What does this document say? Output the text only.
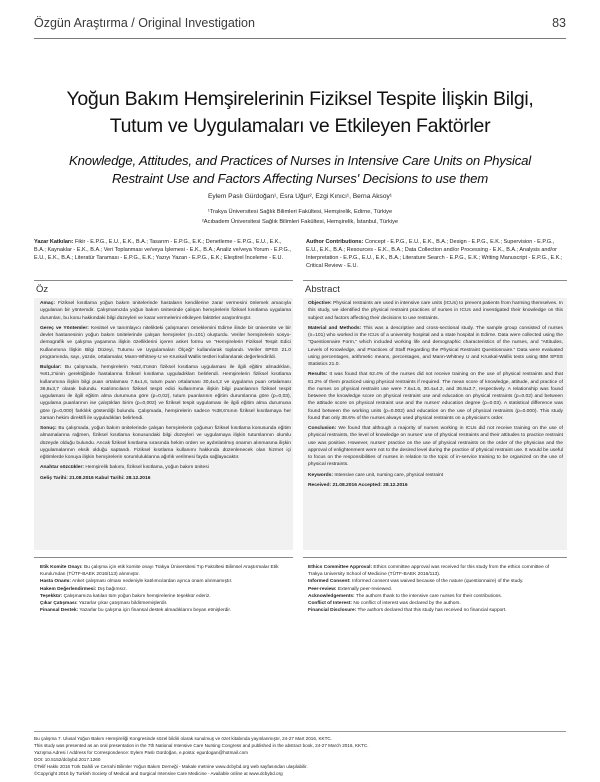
Özgün Araştırma / Original Investigation	83
Yoğun Bakım Hemşirelerinin Fiziksel Tespite İlişkin Bilgi,
Tutum ve Uygulamaları ve Etkileyen Faktörler
Knowledge, Attitudes, and Practices of Nurses in Intensive Care Units on Physical
Restraint Use and Factors Affecting Nurses' Decisions to use them
Eylem Paslı Gürdoğan¹, Esra Uğur², Ezgi Kınıcı¹, Berna Aksoy¹
¹Trakya Üniversitesi Sağlık Bilimleri Fakültesi, Hemşirelik, Edirne, Türkiye
²Acıbadem Üniversitesi Sağlık Bilimleri Fakültesi, Hemşirelik, İstanbul, Türkiye
Yazar Katkıları: Fikir - E.P.G., E.U., E.K., B.A.; Tasarım - E.P.G., E.K.; Denetleme - E.P.G., E.U., E.K., B.A.; Kaynaklar - E.K., B.A.; Veri Toplanması ve/veya İşlemesi - E.K., B.A.; Analiz ve/veya Yorum - E.P.G., E.U., E.K., B.A.; Literatür Taraması - E.P.G., E.K.; Yazıyı Yazan - E.P.G., E.K.; Eleştirel İnceleme - E.U.
Author Contributions: Concept - E.P.G., E.U., E.K., B.A.; Design - E.P.G., E.K.; Supervision - E.P.G., E.U., E.K., B.A.; Resources - E.K., B.A.; Data Collection and/or Processing - E.K., B.A.; Analysis and/or Interpretation - E.P.G., E.U., E.K., B.A.; Literature Search - E.P.G., E.K.; Writing Manuscript - E.P.G., E.K.; Critical Review - E.U.
Öz	Abstract

Amaç: Fiziksel kısıtlama yoğun bakım ünitelerinde hastaların kendilerine zarar vermesini önlemek amacıyla uygulanan bir yöntemdir. Çalışmamızda yoğun bakım ünitesinde çalışan hemşirelerin fiziksel kısıtlama uygulama durumları, bu konu hakkındaki bilgi düzeyleri ve karar vermelerini etkileyen faktörler araştırılmıştır.

Gereç ve Yöntemler: Kesitsel ve tanımlayıcı nitelikteki çalışmanın örneklemini Edirne ilinde bir üniversite ve bir devlet hastanesinin yoğun bakım ünitelerinde çalışan hemşireler (n=101) oluşturdu. Veriler hemşirelerin sosyo-demografik ve çalışma yaşamına ilişkin özelliklerini içeren anket formu ve "Hemşirelerin Fiziksel Tespit Edici Kullanımına İlişkin Bilgi Düzeyi, Tutumu ve Uygulamaları Ölçeği" kullanılarak toplandı. Veriler SPSS 21.0 programında, sayı, yüzde, ortalamalar, Mann-Whitney-U ve Kruskall Wallis testleri kullanılarak değerlendirildi.

Bulgular: Bu çalışmada, hemşirelerin %62,4'ünün fiziksel kısıtlama uygulaması ile ilgili eğitim almadıkları, %81,2'sinin gerektiğinde hastalarına fiziksel kısıtlama uyguladıkları belirlendi. Hemşirelerin fiziksel kısıtlama kullanımına ilişkin bilgi puan ortalaması 7,6±1,6, tutum puan ortalaması 30,4±4,2 ve uygulama puan ortalaması 36,8±3,7 olarak bulundu. Katılımcıların fiziksel tespit edici kullanımına ilişkin bilgi puanlarının fiziksel tespit uygulaması ile ilgili eğitim alma durumuna göre (p=0,02), tutum puanlarının eğitim durumlarına göre (p=0,03), uygulama puanlarının ise çalıştıkları birim (p=0,002) ve fiziksel tespit uygulaması ile ilgili eğitim alma durumuna göre (p=0,000) farklılık gösterdiği bulundu. Çalışmada, hemşirelerin sadece %38,6'sının fiziksel kısıtlamaya her zaman hekim direktifi ile uyguladıkları belirlendi.

Sonuç: Bu çalışmada, yoğun bakım ünitelerinde çalışan hemşirelerin çoğunun fiziksel kısıtlama konusunda eğitim almamalarına rağmen, fiziksel kısıtlama konusundaki bilgi düzeyleri ve uygulamaya ilişkin tutumlarının olumlu düzeyde olduğu bulundu. Ancak fiziksel kısıtlama sırasında hekim orderı ve aydınlatılmış onamın alınmasına ilişkin uygulamalarının eksik olduğu saptandı. Fiziksel kısıtlama kullanımı hakkında düzenlenecek olan hizmet içi eğitimlerde konuya ilişkin hemşirelerin sorumluluklarına ağırlık verilmesi fayda sağlayacaktır.

Anahtar sözcükler: Hemşirelik bakımı, fiziksel kısıtlama, yoğun bakım ünitesi

Geliş Tarihi: 21.08.2016 Kabul Tarihi: 28.12.2016

Objective: Physical restraints are used in intensive care units (ICUs) to prevent patients from harming themselves. In this study, we identified the physical restraint practices of nurses in ICUs and investigated their knowledge on this subject and factors affecting their decisions to use restraints.

Material and Methods: This was a descriptive and cross-sectional study. The sample group consisted of nurses (n=101) who worked in the ICUs of a university hospital and a state hospital in Edirne. Data were collected using the "Questionnaire Form," which included working life and demographic characteristics of the nurses, and "Attitudes, Levels of Knowledge, and Practices of Staff Regarding the Physical Restraint Questionnaire." Data were evaluated using percentages, arithmetic means, percentages, and Mann-Whitney U and Kruskal-Wallis tests using IBM SPSS Statistics 21.0.

Results: It was found that 62.4% of the nurses did not receive training on the use of physical restraints and that 81.2% of them practiced using physical restraints if required. The mean score of knowledge, attitude, and practice of the nurses on physical restraint use were 7.6±1.6, 30.4±4.2, and 36.8±3.7, respectively. A relationship was found between the knowledge score on physical restraint use and education on physical restraints (p=0.02) and between the attitude score on physical restraint use and the nurses' education degree (p=0.03). A statistical difference was found between the working units (p=0.002) and education on the use of physical restraints (p=0.000). This study found that only 38.6% of the nurses always used physical restraints on a physician's order.

Conclusion: We found that although a majority of nurses working in ICUs did not receive training on the use of physical restraints, the level of knowledge on nurses' use of physical restraints and their attitudes to practice restraint use was positive. However, nurses' practice on the use of physical restraints on the order of the physician and the approval of enlightenment were not to the desired level during the practice of physical restraint use. It would be useful to focus on the responsibilities of nurses in relation to the topic of in-service training to be organized on the use of physical restraints.

Keywords: Intensive care unit, nursing care, physical restraint

Received: 21.08.2016 Accepted: 28.12.2016

Etik Komite Onayı: Bu çalışma için etik komite onayı Trakya Üniversitesi Tıp Fakültesi Bilimsel Araştırmalar Etik Kurulu'ndan (TÜTF-BAEK 2016/113) alınmıştır.
Hasta Onamı: Anket çalışması olması nedeniyle katılımcılardan ayrıca onam alınmamıştır.
Hakem Değerlendirmesi: Dış bağımsız.
Teşekkür: Çalışmamıza katılan tüm yoğun bakım hemşirelerine teşekkür ederiz.
Çıkar Çatışması: Yazarlar çıkar çatışması bildirmemişlerdir.
Finansal Destek: Yazarlar bu çalışma için finansal destek almadıklarını beyan etmişlerdir.
Ethics Committee Approval: Ethics committee approval was received for this study from the ethics committee of Trakya University School of Medicine (TÜTF-BAEK 2016/113).
Informed Consent: Informed consent was waived because of the nature (questionnaire) of the study.
Peer-review: Externally peer-reviewed.
Acknowledgements: The authors thank to the intensive care nurses for their contributions.
Conflict of Interest: No conflict of interest was declared by the authors.
Financial Disclosure: The authors declared that this study has received no financial support.
Bu çalışma 7. Ulusal Yoğun Bakım Hemşireliği Kongresinde sözel bildiri olarak sunulmuş ve özet kitabında yayınlanmıştır, 24-27 Mart 2016, KKTC.
This study was presented as an oral presentation in the 7th National Intensive Care Nursing Congress and published in the abstract book, 24-27 March 2016, KKTC.
Yazışma Adresi / Address for Correspondence: Eylem Paslı Gürdoğan, e.posta: egurdogan@hotmail.com
DOI: 10.5152/dcbybd.2017.1260
©Telif Hakkı 2016 Türk Dahili ve Cerrahi Bilimler Yoğun Bakım Derneği - Makale metnine www.dcbybd.org web sayfasından ulaşılabilir.
©Copyright 2016 by Turkish Society of Medical and Surgical Intensive Care Medicine - Available online at www.dcbybd.org
